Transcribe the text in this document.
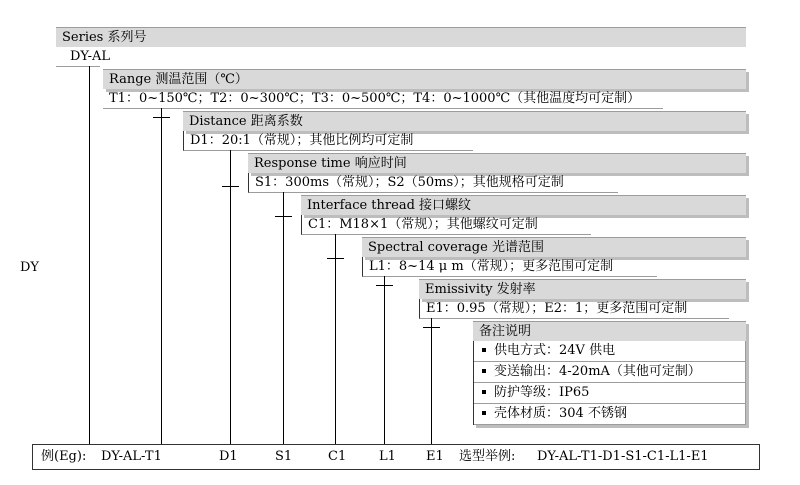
Series 系列号
DY-AL
Range 测温范围（℃）
T1：0~150℃；T2：0~300℃；T3：0~500℃；T4：0~1000℃（其他温度均可定制）
Distance 距离系数
D1：20:1（常规）；其他比例均可定制
Response time 响应时间
S1：300ms（常规）；S2（50ms）；其他规格可定制
Interface thread 接口螺纹
C1：M18×1（常规）；其他螺纹可定制
Spectral coverage 光谱范围
L1：8~14 μ m（常规）；更多范围可定制
Emissivity 发射率
E1：0.95（常规）；E2：1；更多范围可定制
备注说明
供电方式：24V 供电
变送输出：4-20mA（其他可定制）
防护等级：IP65
壳体材质：304 不锈钢
DY
例(Eg): DY-AL-T1	D1	S1	C1	L1 E1 选型举例: DY-AL-T1-D1-S1-C1-L1-E1
